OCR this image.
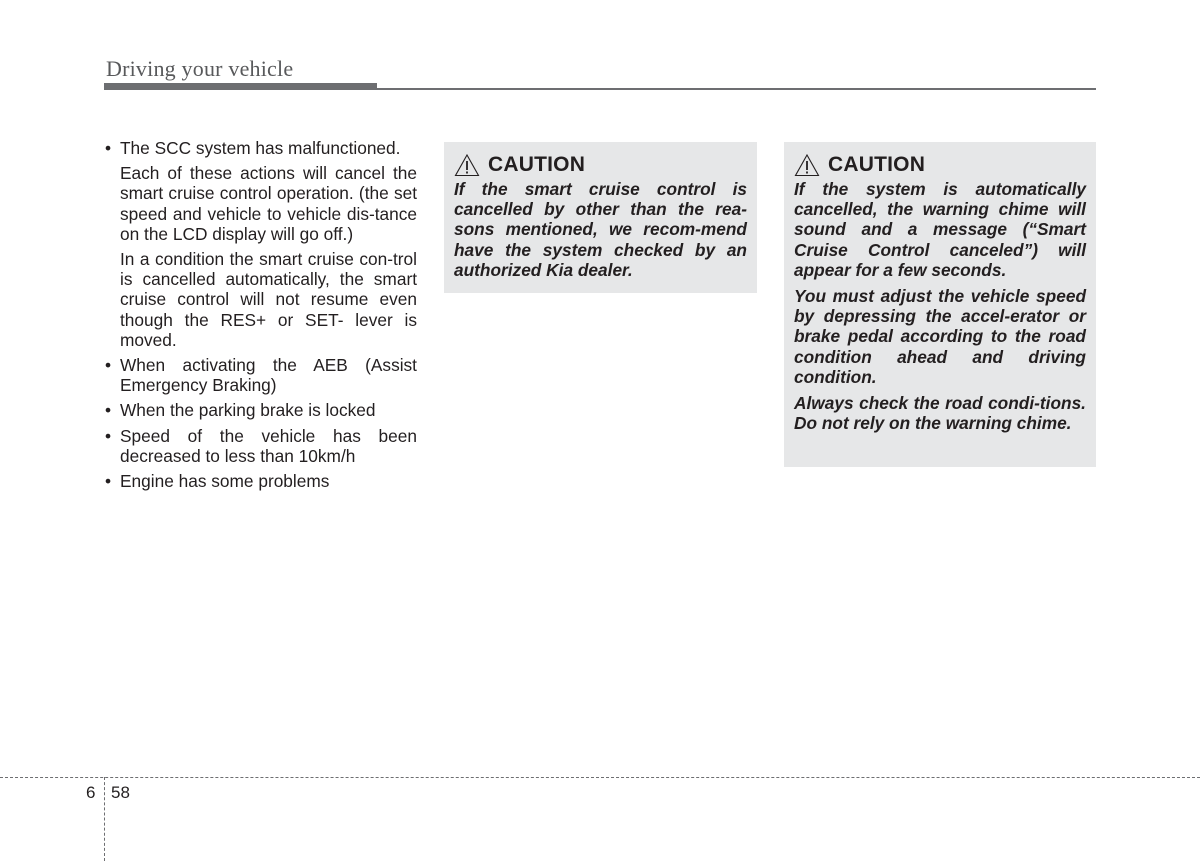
Driving your vehicle
• The SCC system has malfunctioned.

Each of these actions will cancel the smart cruise control operation. (the set speed and vehicle to vehicle dis-tance on the LCD display will go off.)

In a condition the smart cruise con-trol is cancelled automatically, the smart cruise control will not resume even though the RES+ or SET- lever is moved.

• When activating the AEB (Assist Emergency Braking)
• When the parking brake is locked
• Speed of the vehicle has been decreased to less than 10km/h
• Engine has some problems
CAUTION

If the smart cruise control is cancelled by other than the rea-sons mentioned, we recom-mend have the system checked by an authorized Kia dealer.

CAUTION

If the system is automatically cancelled, the warning chime will sound and a message (“Smart Cruise Control canceled”) will appear for a few seconds.

You must adjust the vehicle speed by depressing the accel-erator or brake pedal according to the road condition ahead and driving condition.

Always check the road condi-tions. Do not rely on the warning chime.

6 58
